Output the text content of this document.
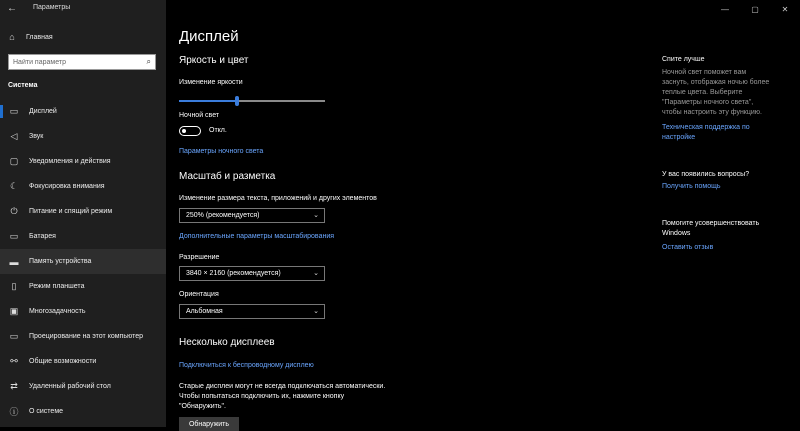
⌂	Главная
Найти параметр
⌕
Система
▭ Дисплей
◁ Звук
▢ Уведомления и действия
☾ Фокусировка внимания
⏻ Питание и спящий режим
▭ Батарея
▬ Память устройства
▯	Режим планшета
▣ Многозадачность
▭ Проецирование на этот компьютер
⚯ Общие возможности
⇄ Удаленный рабочий стол
ⓘ О системе
← Параметры	—	▢	✕
Дисплей
Яркость и цвет
Изменение яркости
Ночной свет
Откл.
Параметры ночного света
Масштаб и разметка
Изменение размера текста, приложений и других элементов
250% (рекомендуется)	⌄
Дополнительные параметры масштабирования
Разрешение
3840 × 2160 (рекомендуется)	⌄
Ориентация
Альбомная	⌄
Несколько дисплеев
Подключиться к беспроводному дисплею
Старые дисплеи могут не всегда подключаться автоматически.
Чтобы попытаться подключить их, нажмите кнопку
"Обнаружить".
Обнаружить
Спите лучше
Ночной свет поможет вам заснуть, отображая ночью более теплые цвета. Выберите "Параметры ночного света", чтобы настроить эту функцию.
Техническая поддержка по настройке
У вас появились вопросы?
Получить помощь
Помогите усовершенствовать Windows
Оставить отзыв
